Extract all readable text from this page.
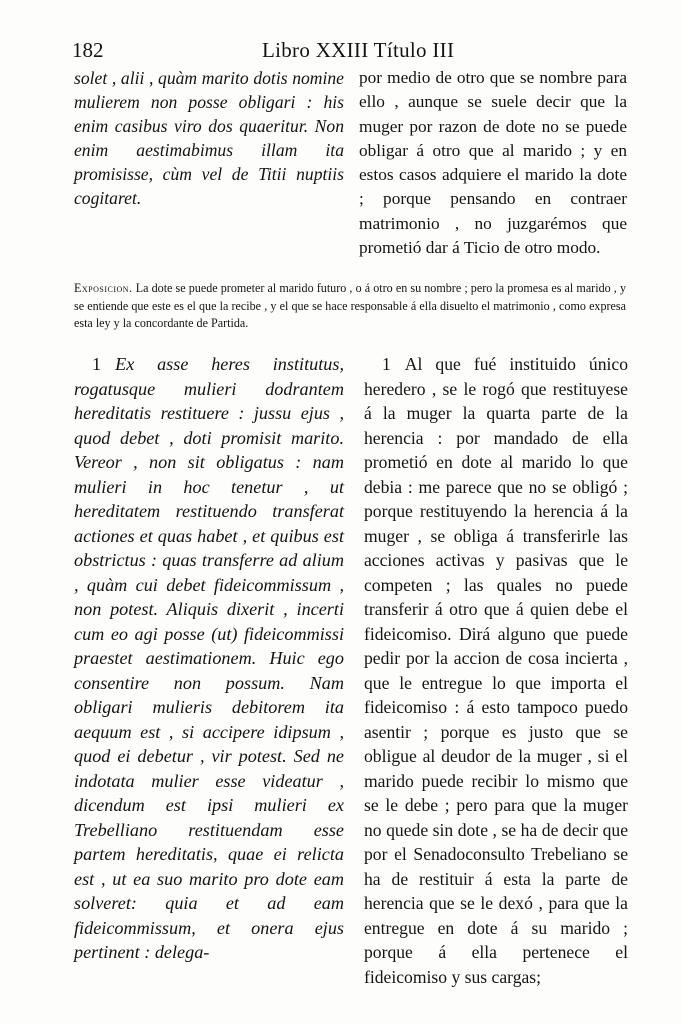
182	Libro XXIII Título III

solet , alii , quàm marito dotis nomine mulierem non posse obligari : his enim casibus viro dos quaeritur. Non enim aestimabimus illam ita promisisse, cùm vel de Titii nuptiis cogitaret.

por medio de otro que se nombre para ello , aunque se suele decir que la muger por razon de dote no se puede obligar á otro que al marido ; y en estos casos adquiere el marido la dote ; porque pensando en contraer matrimonio , no juzgarémos que prometió dar á Ticio de otro modo.

Exposicion. La dote se puede prometer al marido futuro , o á otro en su nombre ; pero la promesa es al marido , y se entiende que este es el que la recibe , y el que se hace responsable á ella disuelto el matrimonio , como expresa esta ley y la concordante de Partida.

1 Ex asse heres institutus, rogatusque mulieri dodrantem hereditatis restituere : jussu ejus , quod debet , doti promisit marito. Vereor , non sit obligatus : nam mulieri in hoc tenetur , ut hereditatem restituendo transferat actiones et quas habet , et quibus est obstrictus : quas transferre ad alium , quàm cui debet fideicommissum , non potest. Aliquis dixerit , incerti cum eo agi posse (ut) fideicommissi praestet aestimationem. Huic ego consentire non possum. Nam obligari mulieris debitorem ita aequum est , si accipere idipsum , quod ei debetur , vir potest. Sed ne indotata mulier esse videatur , dicendum est ipsi mulieri ex Trebelliano restituendam esse partem hereditatis, quae ei relicta est , ut ea suo marito pro dote eam solveret: quia et ad eam fideicommissum, et onera ejus pertinent : delega-

1 Al que fué instituido único heredero , se le rogó que restituyese á la muger la quarta parte de la herencia : por mandado de ella prometió en dote al marido lo que debia : me parece que no se obligó ; porque restituyendo la herencia á la muger , se obliga á transferirle las acciones activas y pasivas que le competen ; las quales no puede transferir á otro que á quien debe el fideicomiso. Dirá alguno que puede pedir por la accion de cosa incierta , que le entregue lo que importa el fideicomiso : á esto tampoco puedo asentir ; porque es justo que se obligue al deudor de la muger , si el marido puede recibir lo mismo que se le debe ; pero para que la muger no quede sin dote , se ha de decir que por el Senadoconsulto Trebeliano se ha de restituir á esta la parte de herencia que se le dexó , para que la entregue en dote á su marido ; porque á ella pertenece el fideicomiso y sus cargas;
